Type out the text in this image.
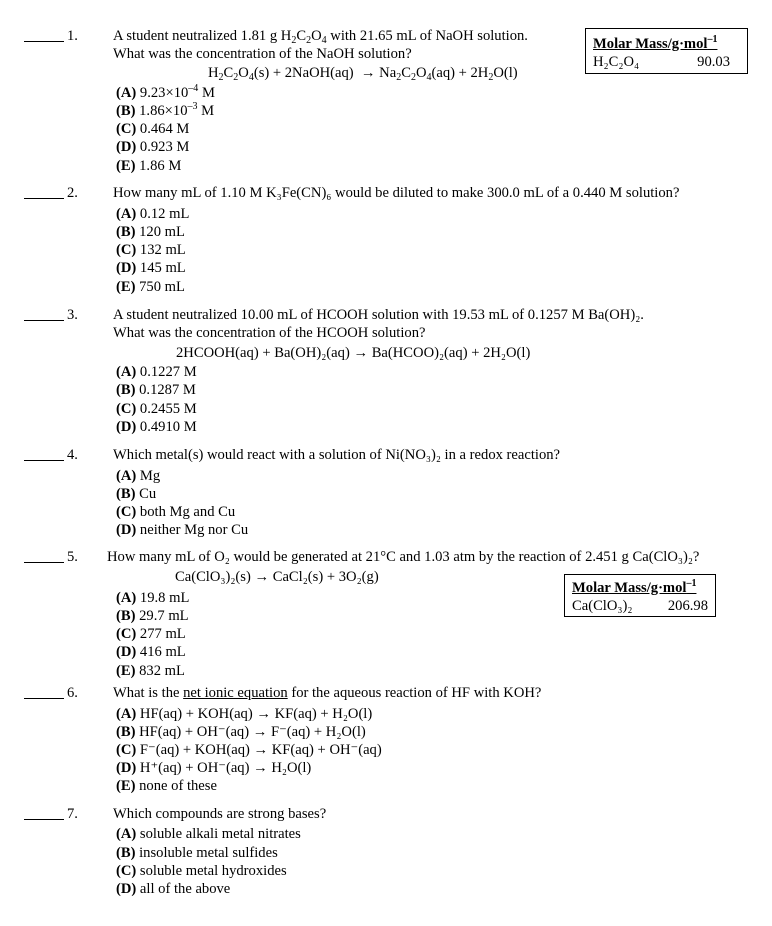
1. A student neutralized 1.81 g $H_2C_2O_4$ with 21.65 mL of NaOH solution.
What was the concentration of the NaOH solution?
$H_2C_2O_4(s)$ + 2NaOH(aq)  → $Na_2C_2O_4(aq) + 2H_2O(l)$
Molar Mass/g·mol$^{-1}$
H₂C₂O₄	90.03
(A) $9.23\times 10^{-4}$ M
(B) $1.86\times 10^{-3}$ M
(C) 0.464 M
(D) 0.923 M
(E) 1.86 M
2. How many mL of 1.10 M K₃Fe(CN)₆ would be diluted to make 300.0 mL of a 0.440 M solution?
(A) 0.12 mL
(B) 120 mL
(C) 132 mL
(D) 145 mL
(E) 750 mL
3. A student neutralized 10.00 mL of HCOOH solution with 19.53 mL of 0.1257 M Ba(OH)₂.
What was the concentration of the HCOOH solution?
2HCOOH(aq) + Ba(OH)₂(aq) → Ba(HCOO)₂(aq) + 2H₂O(l)
(A) 0.1227 M
(B) 0.1287 M
(C) 0.2455 M
(D) 0.4910 M
4. Which metal(s) would react with a solution of Ni(NO₃)₂ in a redox reaction?
(A) Mg
(B) Cu
(C) both Mg and Cu
(D) neither Mg nor Cu
5. How many mL of O₂ would be generated at 21°C and 1.03 atm by the reaction of 2.451 g Ca(ClO₃)₂?
Ca(ClO₃)₂(s) → CaCl₂(s) + 3O₂(g)
Molar Mass/g·mol$^{-1}$
Ca(ClO₃)₂ 206.98
(A) 19.8 mL
(B) 29.7 mL
(C) 277 mL
(D) 416 mL
(E) 832 mL
6. What is the net ionic equation for the aqueous reaction of HF with KOH?
(A) HF(aq) + KOH(aq) → KF(aq) + H₂O(l)
(B) HF(aq) + OH⁻(aq) → F⁻(aq) + H₂O(l)
(C) F⁻(aq) + KOH(aq) → KF(aq) + OH⁻(aq)
(D) H⁺(aq) + OH⁻(aq) → H₂O(l)
(E) none of these
7. Which compounds are strong bases?
(A) soluble alkali metal nitrates
(B) insoluble metal sulfides
(C) soluble metal hydroxides
(D) all of the above
